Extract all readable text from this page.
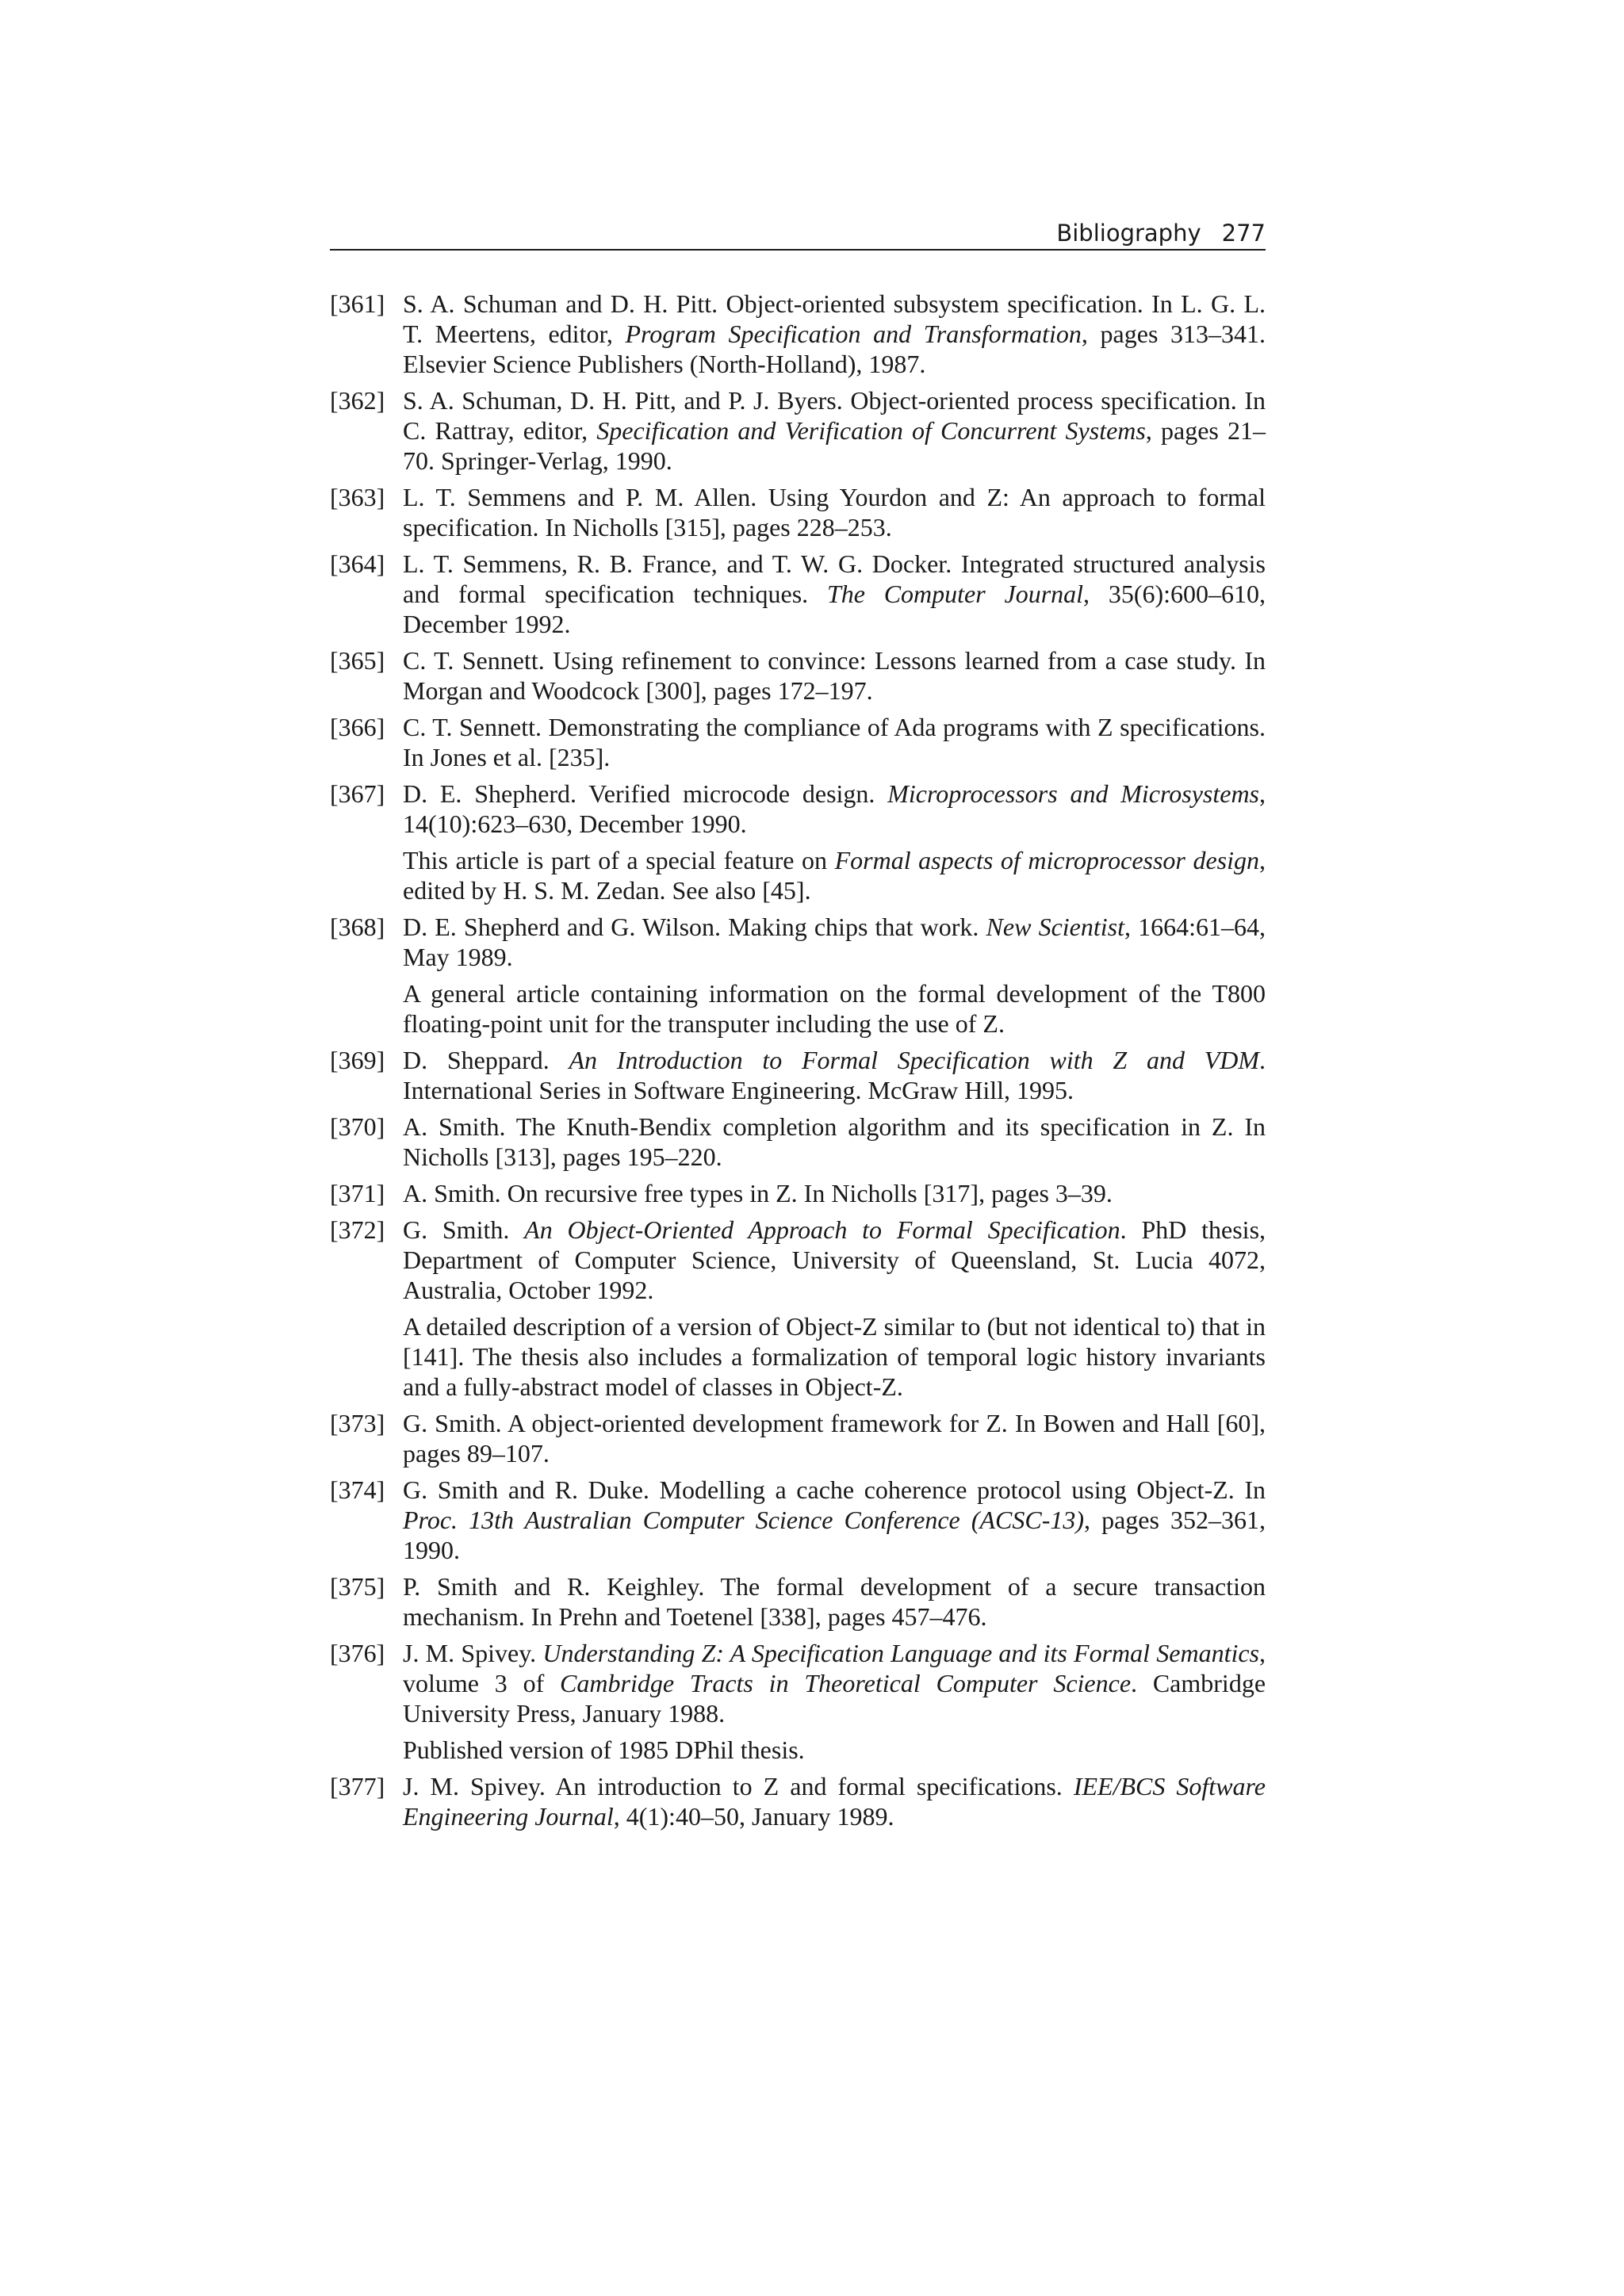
Bibliography 277
[361] S. A. Schuman and D. H. Pitt. Object-oriented subsystem specification. In L. G. L. T. Meertens, editor, Program Specification and Transformation, pages 313–341. Elsevier Science Publishers (North-Holland), 1987.
[362] S. A. Schuman, D. H. Pitt, and P. J. Byers. Object-oriented process specification. In C. Rattray, editor, Specification and Verification of Concurrent Systems, pages 21–70. Springer-Verlag, 1990.
[363] L. T. Semmens and P. M. Allen. Using Yourdon and Z: An approach to formal specification. In Nicholls [315], pages 228–253.
[364] L. T. Semmens, R. B. France, and T. W. G. Docker. Integrated structured analysis and formal specification techniques. The Computer Journal, 35(6):600–610, December 1992.
[365] C. T. Sennett. Using refinement to convince: Lessons learned from a case study. In Morgan and Woodcock [300], pages 172–197.
[366] C. T. Sennett. Demonstrating the compliance of Ada programs with Z specifications. In Jones et al. [235].
[367] D. E. Shepherd. Verified microcode design. Microprocessors and Microsystems, 14(10):623–630, December 1990.
This article is part of a special feature on Formal aspects of microprocessor design, edited by H. S. M. Zedan. See also [45].
[368] D. E. Shepherd and G. Wilson. Making chips that work. New Scientist, 1664:61–64, May 1989.
A general article containing information on the formal development of the T800 floating-point unit for the transputer including the use of Z.
[369] D. Sheppard. An Introduction to Formal Specification with Z and VDM. International Series in Software Engineering. McGraw Hill, 1995.
[370] A. Smith. The Knuth-Bendix completion algorithm and its specification in Z. In Nicholls [313], pages 195–220.
[371] A. Smith. On recursive free types in Z. In Nicholls [317], pages 3–39.
[372] G. Smith. An Object-Oriented Approach to Formal Specification. PhD thesis, Department of Computer Science, University of Queensland, St. Lucia 4072, Australia, October 1992.
A detailed description of a version of Object-Z similar to (but not identical to) that in [141]. The thesis also includes a formalization of temporal logic history invariants and a fully-abstract model of classes in Object-Z.
[373] G. Smith. A object-oriented development framework for Z. In Bowen and Hall [60], pages 89–107.
[374] G. Smith and R. Duke. Modelling a cache coherence protocol using Object-Z. In Proc. 13th Australian Computer Science Conference (ACSC-13), pages 352–361, 1990.
[375] P. Smith and R. Keighley. The formal development of a secure transaction mechanism. In Prehn and Toetenel [338], pages 457–476.
[376] J. M. Spivey. Understanding Z: A Specification Language and its Formal Semantics, volume 3 of Cambridge Tracts in Theoretical Computer Science. Cambridge University Press, January 1988.
Published version of 1985 DPhil thesis.
[377] J. M. Spivey. An introduction to Z and formal specifications. IEE/BCS Software Engineering Journal, 4(1):40–50, January 1989.
